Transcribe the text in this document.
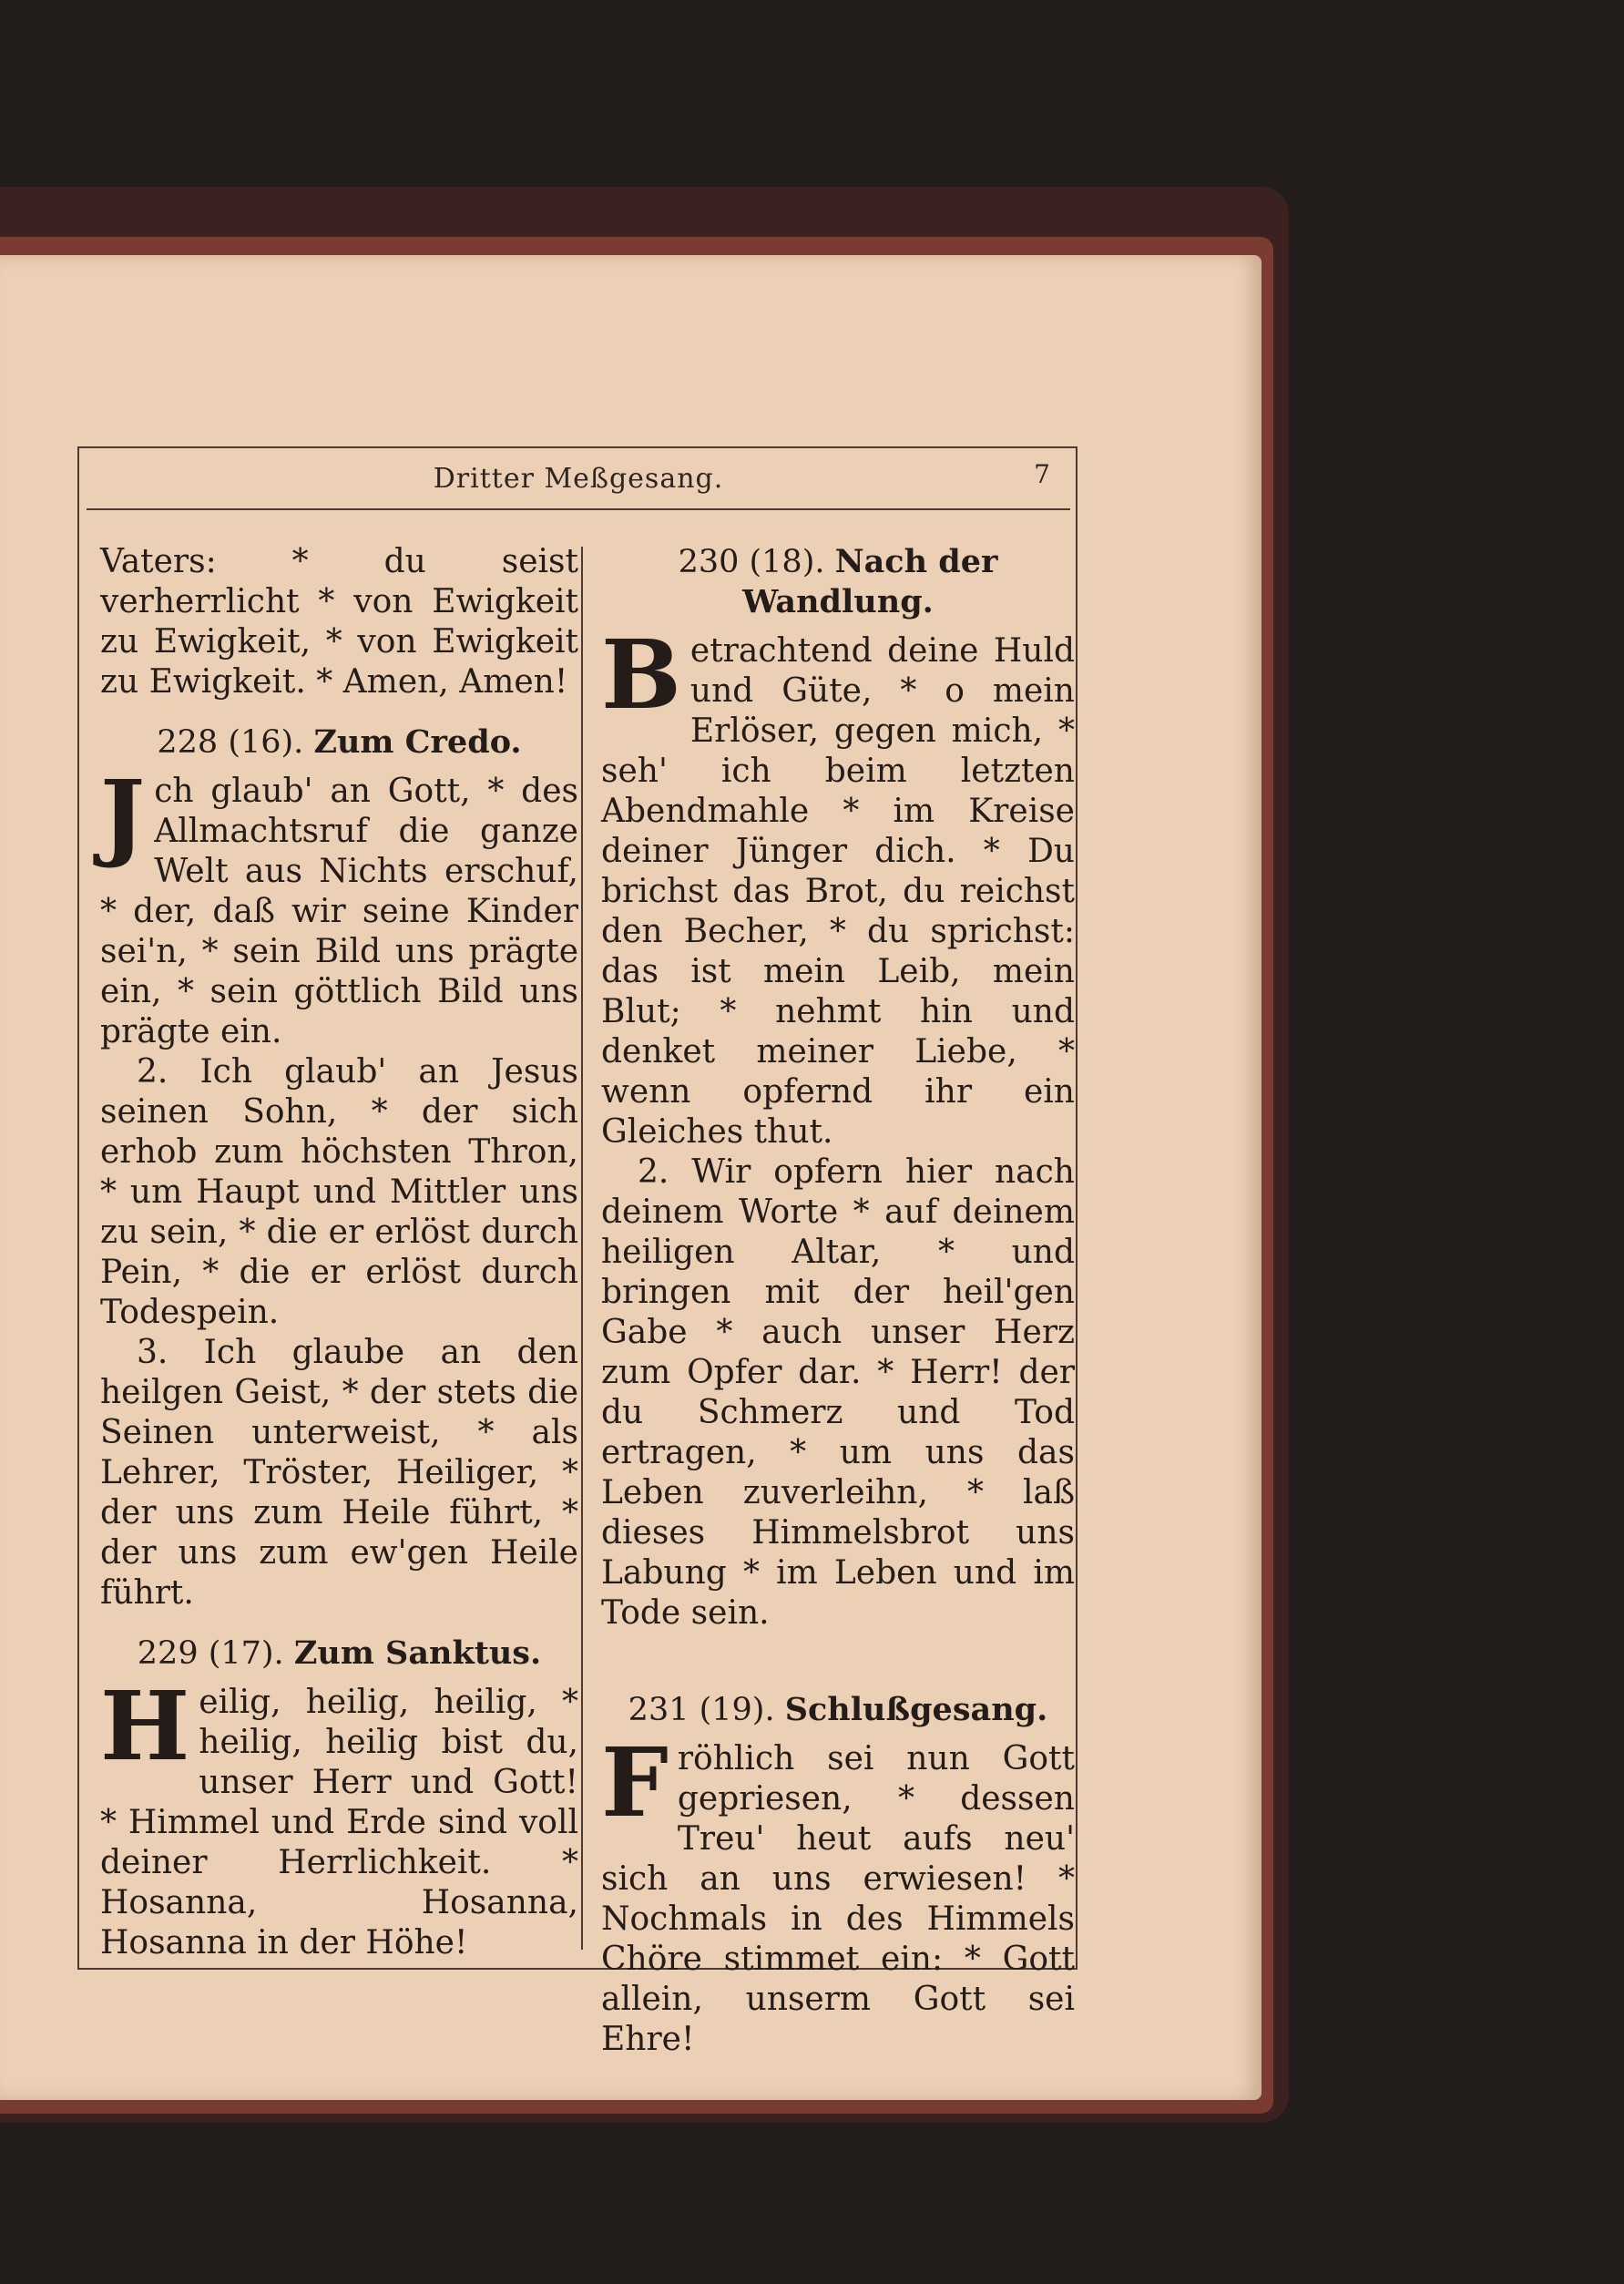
Dritter Meßgesang.	7

Vaters: * du seist verherrlicht * von Ewigkeit zu Ewigkeit, * von Ewigkeit zu Ewigkeit. * Amen, Amen!

228 (16). Zum Credo.

Jch glaub' an Gott, * des Allmachtsruf die ganze Welt aus Nichts erschuf, * der, daß wir seine Kinder sei'n, * sein Bild uns prägte ein, * sein göttlich Bild uns prägte ein.

2. Ich glaub' an Jesus seinen Sohn, * der sich erhob zum höchsten Thron, * um Haupt und Mittler uns zu sein, * die er erlöst durch Pein, * die er erlöst durch Todespein.

3. Ich glaube an den heilgen Geist, * der stets die Seinen unterweist, * als Lehrer, Tröster, Heiliger, * der uns zum Heile führt, * der uns zum ew'gen Heile führt.

229 (17). Zum Sanktus.

Heilig, heilig, heilig, * heilig, heilig bist du, unser Herr und Gott! * Himmel und Erde sind voll deiner Herrlichkeit. * Hosanna, Hosanna, Hosanna in der Höhe!

230 (18). Nach der Wandlung.

Betrachtend deine Huld und Güte, * o mein Erlöser, gegen mich, * seh' ich beim letzten Abendmahle * im Kreise deiner Jünger dich. * Du brichst das Brot, du reichst den Becher, * du sprichst: das ist mein Leib, mein Blut; * nehmt hin und denket meiner Liebe, * wenn opfernd ihr ein Gleiches thut.

2. Wir opfern hier nach deinem Worte * auf deinem heiligen Altar, * und bringen mit der heil'gen Gabe * auch unser Herz zum Opfer dar. * Herr! der du Schmerz und Tod ertragen, * um uns das Leben zuverleihn, * laß dieses Himmelsbrot uns Labung * im Leben und im Tode sein.

231 (19). Schlußgesang.

Fröhlich sei nun Gott gepriesen, * dessen Treu' heut aufs neu' sich an uns erwiesen! * Nochmals in des Himmels Chöre stimmet ein: * Gott allein, unserm Gott sei Ehre!
